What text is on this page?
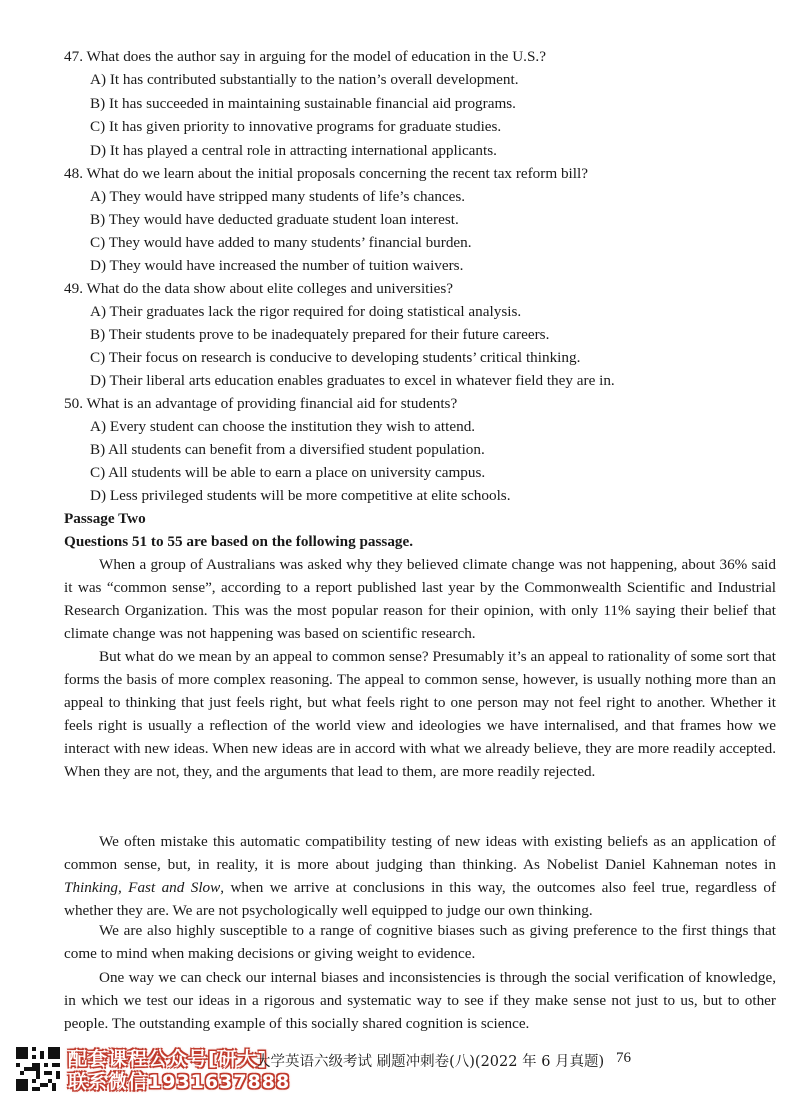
47. What does the author say in arguing for the model of education in the U.S.?
A) It has contributed substantially to the nation’s overall development.
B) It has succeeded in maintaining sustainable financial aid programs.
C) It has given priority to innovative programs for graduate studies.
D) It has played a central role in attracting international applicants.
48. What do we learn about the initial proposals concerning the recent tax reform bill?
A) They would have stripped many students of life’s chances.
B) They would have deducted graduate student loan interest.
C) They would have added to many students’ financial burden.
D) They would have increased the number of tuition waivers.
49. What do the data show about elite colleges and universities?
A) Their graduates lack the rigor required for doing statistical analysis.
B) Their students prove to be inadequately prepared for their future careers.
C) Their focus on research is conducive to developing students’ critical thinking.
D) Their liberal arts education enables graduates to excel in whatever field they are in.
50. What is an advantage of providing financial aid for students?
A) Every student can choose the institution they wish to attend.
B) All students can benefit from a diversified student population.
C) All students will be able to earn a place on university campus.
D) Less privileged students will be more competitive at elite schools.
Passage Two
Questions 51 to 55 are based on the following passage.
When a group of Australians was asked why they believed climate change was not happening, about 36% said it was “common sense”, according to a report published last year by the Commonwealth Scientific and Industrial Research Organization. This was the most popular reason for their opinion, with only 11% saying their belief that climate change was not happening was based on scientific research.
But what do we mean by an appeal to common sense? Presumably it’s an appeal to rationality of some sort that forms the basis of more complex reasoning. The appeal to common sense, however, is usually nothing more than an appeal to thinking that just feels right, but what feels right to one person may not feel right to another. Whether it feels right is usually a reflection of the world view and ideologies we have internalised, and that frames how we interact with new ideas. When new ideas are in accord with what we already believe, they are more readily accepted. When they are not, they, and the arguments that lead to them, are more readily rejected.
We often mistake this automatic compatibility testing of new ideas with existing beliefs as an application of common sense, but, in reality, it is more about judging than thinking. As Nobelist Daniel Kahneman notes in Thinking, Fast and Slow, when we arrive at conclusions in this way, the outcomes also feel true, regardless of whether they are. We are not psychologically well equipped to judge our own thinking.
We are also highly susceptible to a range of cognitive biases such as giving preference to the first things that come to mind when making decisions or giving weight to evidence.
One way we can check our internal biases and inconsistencies is through the social verification of knowledge, in which we test our ideas in a rigorous and systematic way to see if they make sense not just to us, but to other people. The outstanding example of this socially shared cognition is science.
配套课程公众号[研大]
联系微信1931637888
大学英语六级考试 刷题冲刺卷(八)(2022 年 6 月真题) 76
